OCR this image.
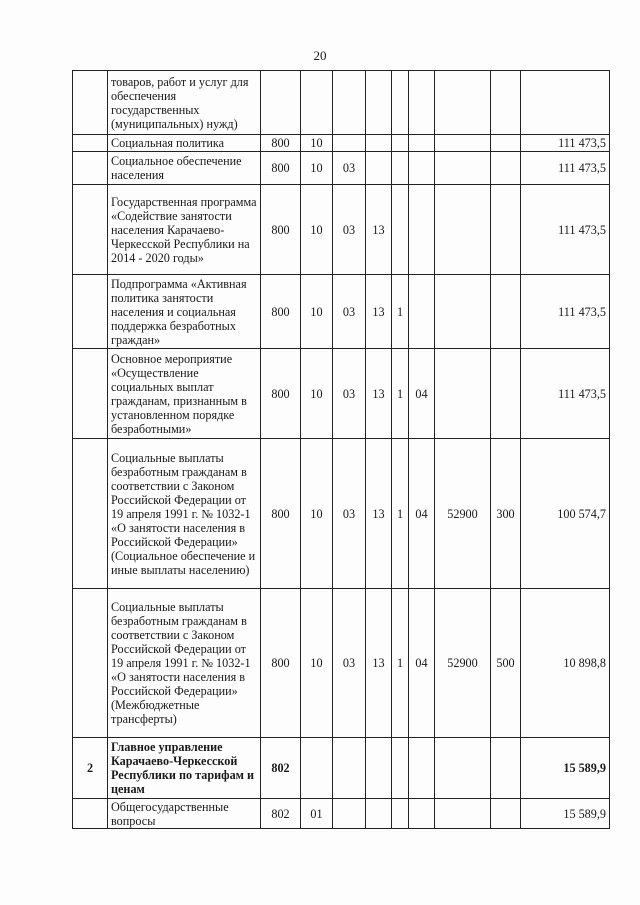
20
	товаров, работ и услуг для обеспечения государственных (муниципальных) нужд)									
	Социальная политика	800	10							111 473,5
	Социальное обеспечение населения	800	10	03						111 473,5
	Государственная программа «Содействие занятости населения Карачаево-Черкесской Республики на 2014 - 2020 годы»	800	10	03	13					111 473,5
	Подпрограмма «Активная политика занятости населения и социальная поддержка безработных граждан»	800	10	03	13	1				111 473,5
	Основное мероприятие «Осуществление социальных выплат гражданам, признанным в установленном порядке безработными»	800	10	03	13	1	04			111 473,5
	Социальные выплаты безработным гражданам в соответствии с Законом Российской Федерации от 19 апреля 1991 г. № 1032-1 «О занятости населения в Российской Федерации» (Социальное обеспечение и иные выплаты населению)	800	10	03	13	1	04	52900	300	100 574,7
	Социальные выплаты безработным гражданам в соответствии с Законом Российской Федерации от 19 апреля 1991 г. № 1032-1 «О занятости населения в Российской Федерации» (Межбюджетные трансферты)	800	10	03	13	1	04	52900	500	10 898,8
2	Главное управление Карачаево-Черкесской Республики по тарифам и ценам	802								15 589,9
	Общегосударственные вопросы	802	01							15 589,9
